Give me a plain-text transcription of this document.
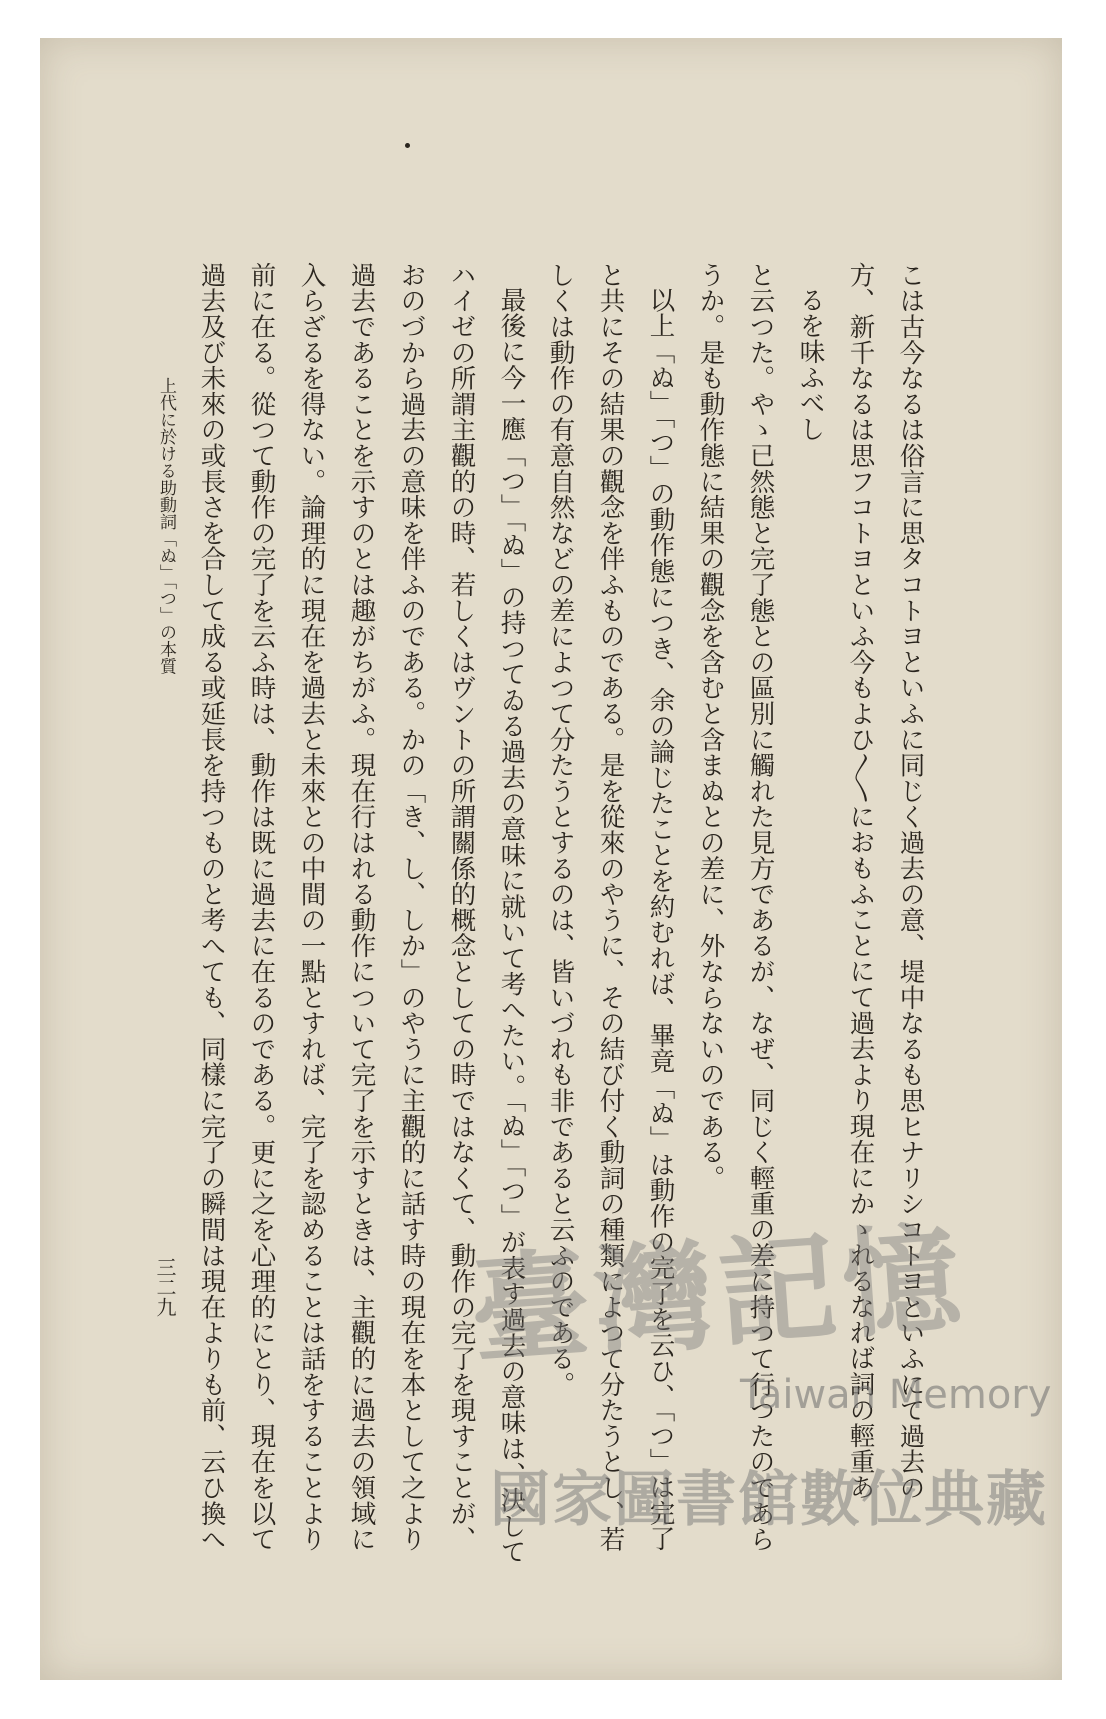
こは古今なるは俗言に思タコトヨといふに同じく過去の意、堤中なるも思ヒナリシコトヨといふにて過去の
方、新千なるは思フコトヨといふ今もよひ〳〵におもふことにて過去より現在にかゝれるなれば詞の輕重あ
るを味ふべし
と云つた。やゝ已然態と完了態との區別に觸れた見方であるが、なぜ、同じく輕重の差に持つて行つたのであら
うか。是も動作態に結果の觀念を含むと含まぬとの差に、外ならないのである。
以上「ぬ」「つ」の動作態につき、余の論じたことを約むれば、畢竟「ぬ」は動作の完了を云ひ、「つ」は完了
と共にその結果の觀念を伴ふものである。是を從來のやうに、その結び付く動詞の種類によつて分たうとし、若
しくは動作の有意自然などの差によつて分たうとするのは、皆いづれも非であると云ふのである。
最後に今一應「つ」「ぬ」の持つてゐる過去の意味に就いて考へたい。「ぬ」「つ」が表す過去の意味は、決して
ハイゼの所謂主觀的の時、若しくはヴントの所謂關係的概念としての時ではなくて、動作の完了を現すことが、
おのづから過去の意味を伴ふのである。かの「き、し、しか」のやうに主觀的に話す時の現在を本として之より
過去であることを示すのとは趣がちがふ。現在行はれる動作について完了を示すときは、主觀的に過去の領域に
入らざるを得ない。論理的に現在を過去と未來との中間の一點とすれば、完了を認めることは話をすることより
前に在る。從つて動作の完了を云ふ時は、動作は既に過去に在るのである。更に之を心理的にとり、現在を以て
過去及び未來の或長さを合して成る或延長を持つものと考へても、同樣に完了の瞬間は現在よりも前、云ひ換へ
上代に於ける助動詞「ぬ」「つ」の本質
三二九 臺灣記憶
Taiwan Memory
國家圖書館數位典藏
